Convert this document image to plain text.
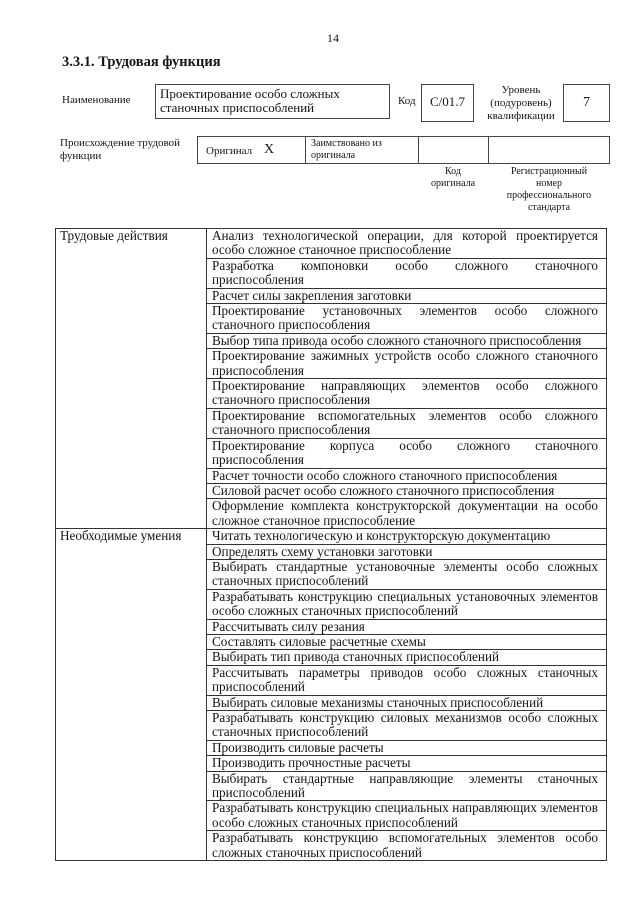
14
3.3.1. Трудовая функция
Наименование	Проектирование особо сложных станочных приспособлений	Код	C/01.7
Уровень (подуровень) квалификации
7
Происхождение трудовой функции	Оригинал X	Заимствовано из оригинала
Код оригинала
Регистрационный номер профессионального стандарта
Трудовые действия	Анализ технологической операции, для которой проектируется особо сложное станочное приспособление
	Разработка компоновки особо сложного станочного приспособления
	Расчет силы закрепления заготовки
	Проектирование установочных элементов особо сложного станочного приспособления
	Выбор типа привода особо сложного станочного приспособления
	Проектирование зажимных устройств особо сложного станочного приспособления
	Проектирование направляющих элементов особо сложного станочного приспособления
	Проектирование вспомогательных элементов особо сложного станочного приспособления
	Проектирование корпуса особо сложного станочного приспособления
	Расчет точности особо сложного станочного приспособления
	Силовой расчет особо сложного станочного приспособления
	Оформление комплекта конструкторской документации на особо сложное станочное приспособление
Необходимые умения	Читать технологическую и конструкторскую документацию
	Определять схему установки заготовки
	Выбирать стандартные установочные элементы особо сложных станочных приспособлений
	Разрабатывать конструкцию специальных установочных элементов особо сложных станочных приспособлений
	Рассчитывать силу резания
	Составлять силовые расчетные схемы
	Выбирать тип привода станочных приспособлений
	Рассчитывать параметры приводов особо сложных станочных приспособлений
	Выбирать силовые механизмы станочных приспособлений
	Разрабатывать конструкцию силовых механизмов особо сложных станочных приспособлений
	Производить силовые расчеты
	Производить прочностные расчеты
	Выбирать стандартные направляющие элементы станочных приспособлений
	Разрабатывать конструкцию специальных направляющих элементов особо сложных станочных приспособлений
	Разрабатывать конструкцию вспомогательных элементов особо сложных станочных приспособлений
